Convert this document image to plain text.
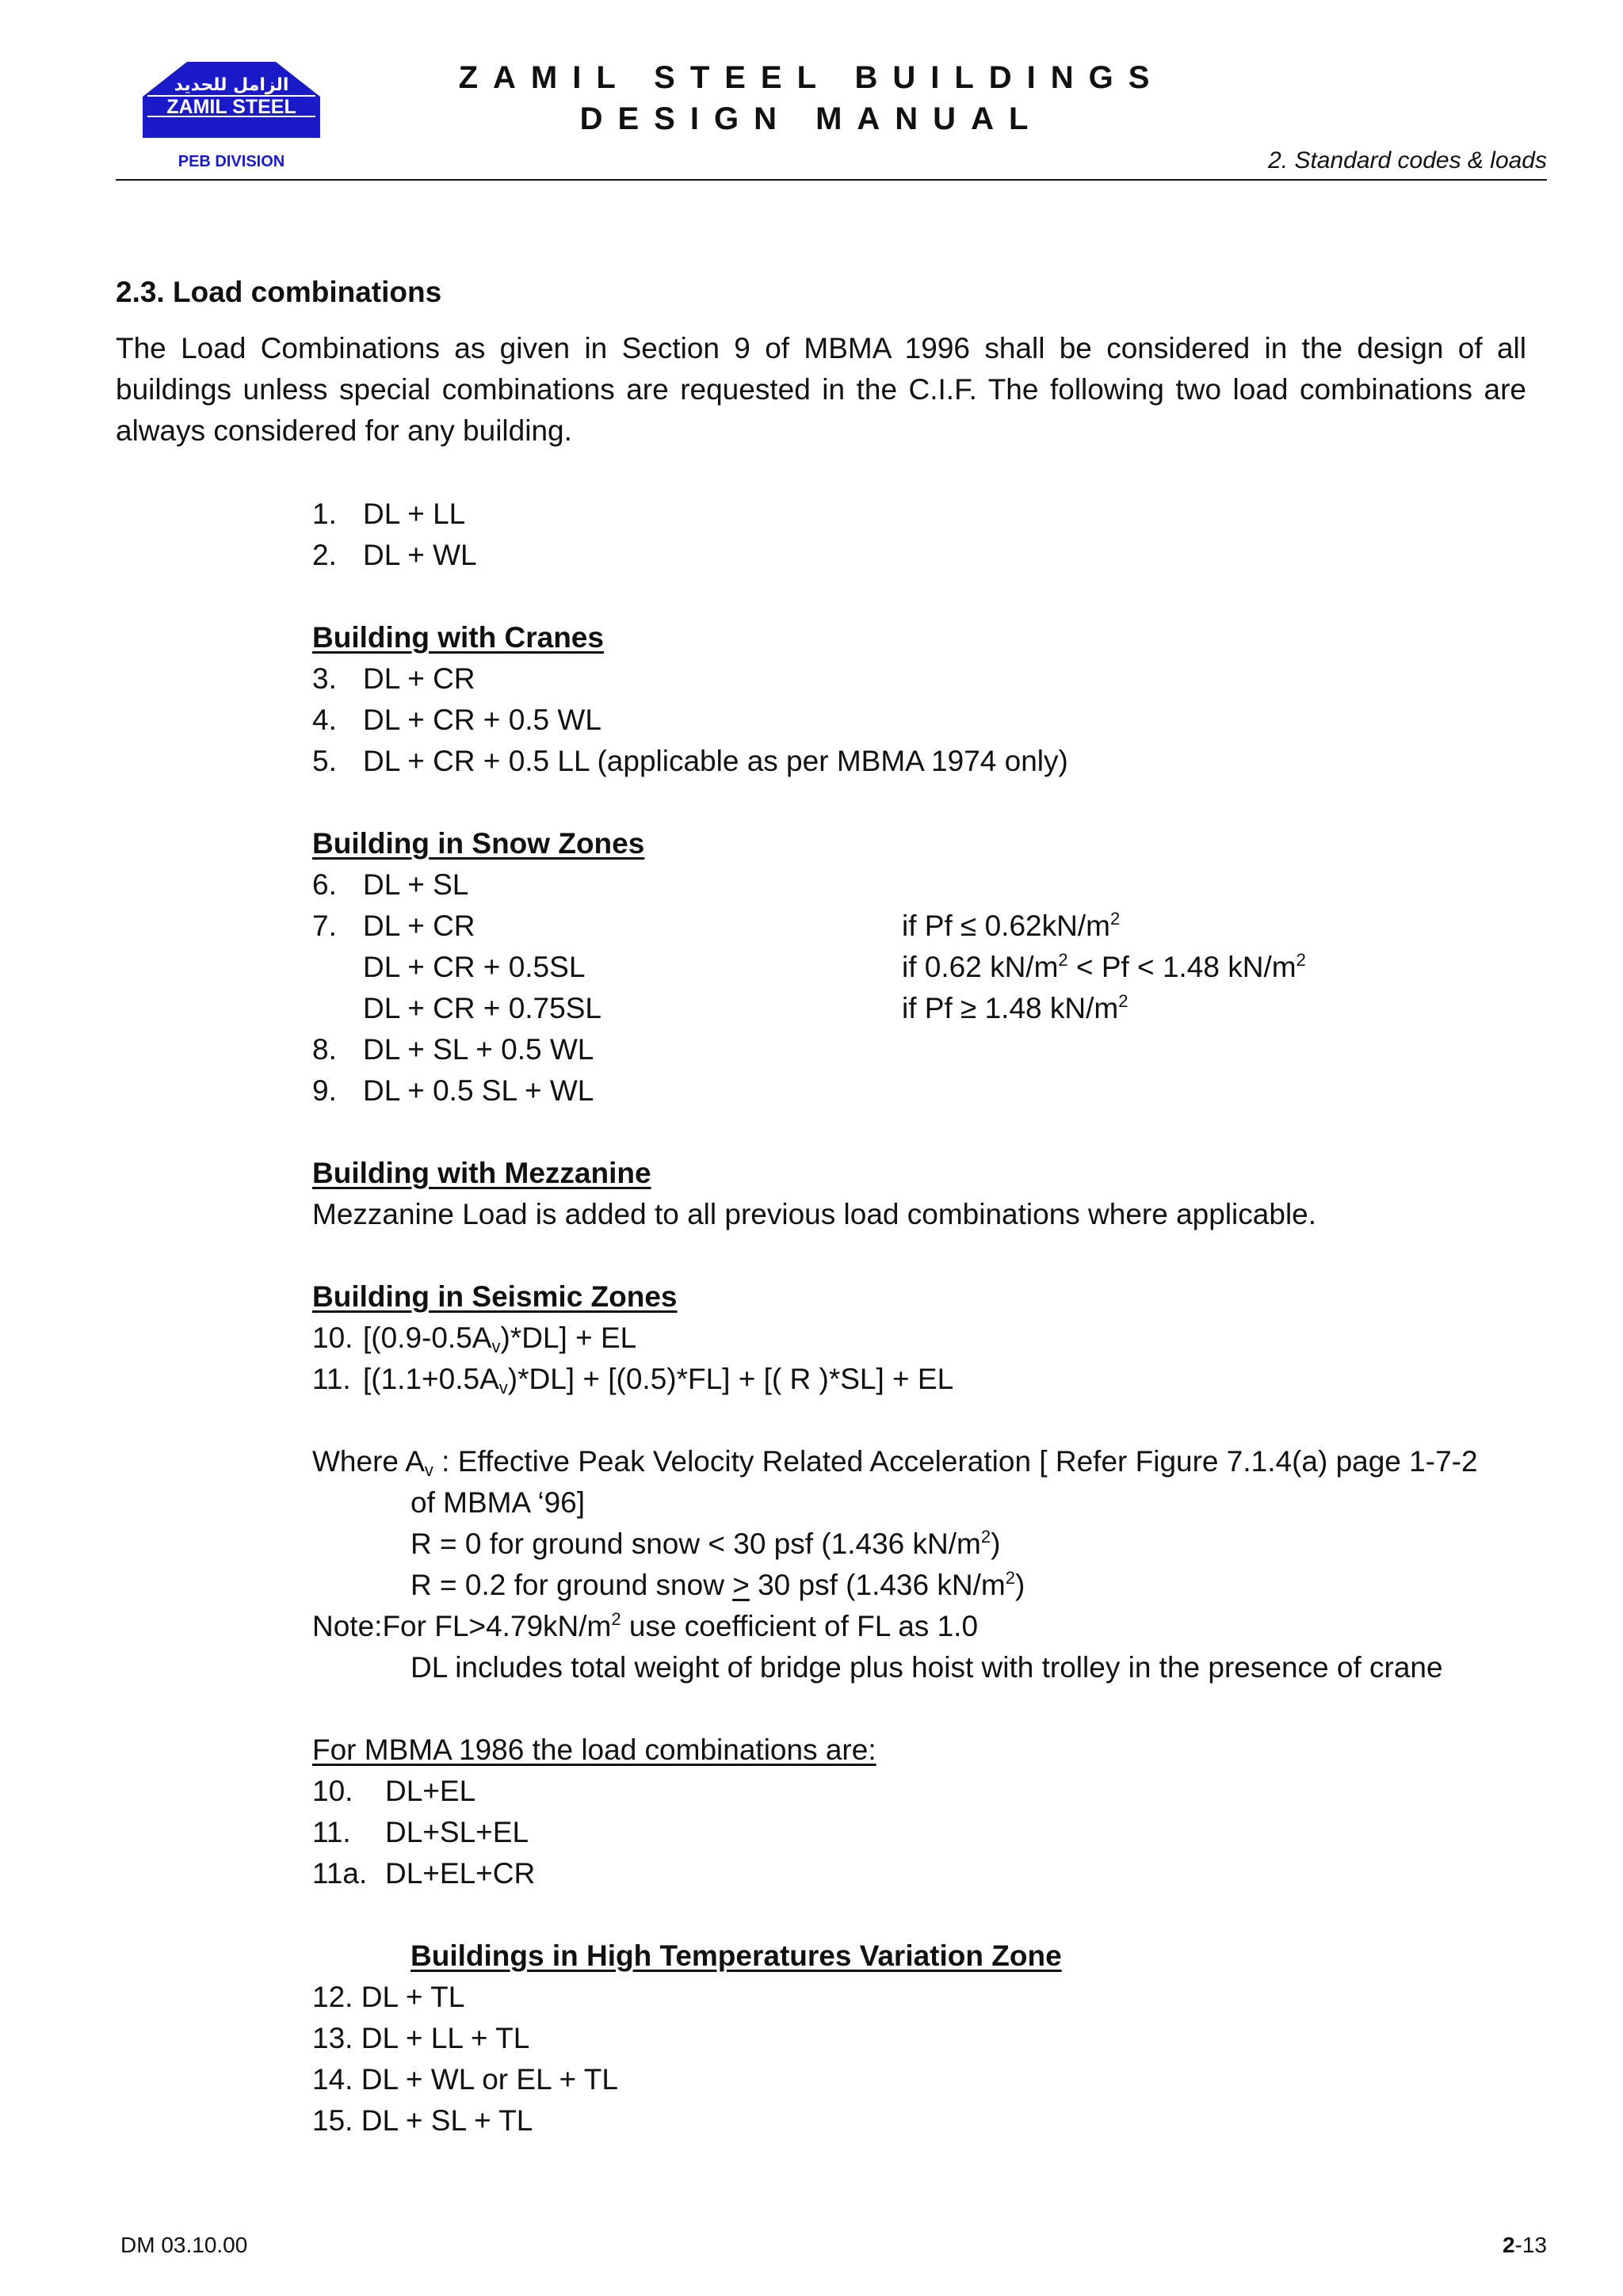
الزامل للحديد
ZAMIL STEEL
PEB DIVISION
ZAMIL STEEL BUILDINGS
DESIGN MANUAL
2. Standard codes & loads
2.3. Load combinations
The Load Combinations as given in Section 9 of MBMA 1996 shall be considered in the design of all buildings unless special combinations are requested in the C.I.F. The following two load combinations are always considered for any building.
1. DL + LL
2. DL + WL
Building with Cranes
3. DL + CR
4. DL + CR + 0.5 WL
5. DL + CR + 0.5 LL (applicable as per MBMA 1974 only)
Building in Snow Zones
6. DL + SL
7. DL + CR
DL + CR + 0.5SL
DL + CR + 0.75SL
if $Pf \le 0.62kN/m^2$
if 0.62 $kN/m^2 < Pf < 1.48$ $kN/m^2$
if Pf ≥ 1.48 $kN/m^2$
8. DL + SL + 0.5 WL
9. DL + 0.5 SL + WL
Building with Mezzanine
Mezzanine Load is added to all previous load combinations where applicable.
Building in Seismic Zones
10. $[(0.9-0.5A_v)*DL]$ + EL
11. $[(1.1+0.5A_v)*DL] + [(0.5)*FL]$ + [( R )*SL] + EL
Where $A_v$ : Effective Peak Velocity Related Acceleration [ Refer Figure 7.1.4(a) page 1-7-2
of MBMA ‘96]
R = 0 for ground snow < 30 psf (1.436 $kN/m^2$)
R = 0.2 for ground snow > 30 psf (1.436 $kN/m^2$)
Note:For $FL>4.79kN/m^2$ use coefficient of FL as 1.0
DL includes total weight of bridge plus hoist with trolley in the presence of crane
For MBMA 1986 the load combinations are:
10. DL+EL
11. DL+SL+EL
11a. DL+EL+CR
Buildings in High Temperatures Variation Zone
12. DL + TL
13. DL + LL + TL
14. DL + WL or EL + TL
15. DL + SL + TL
DM 03.10.00	2-13
